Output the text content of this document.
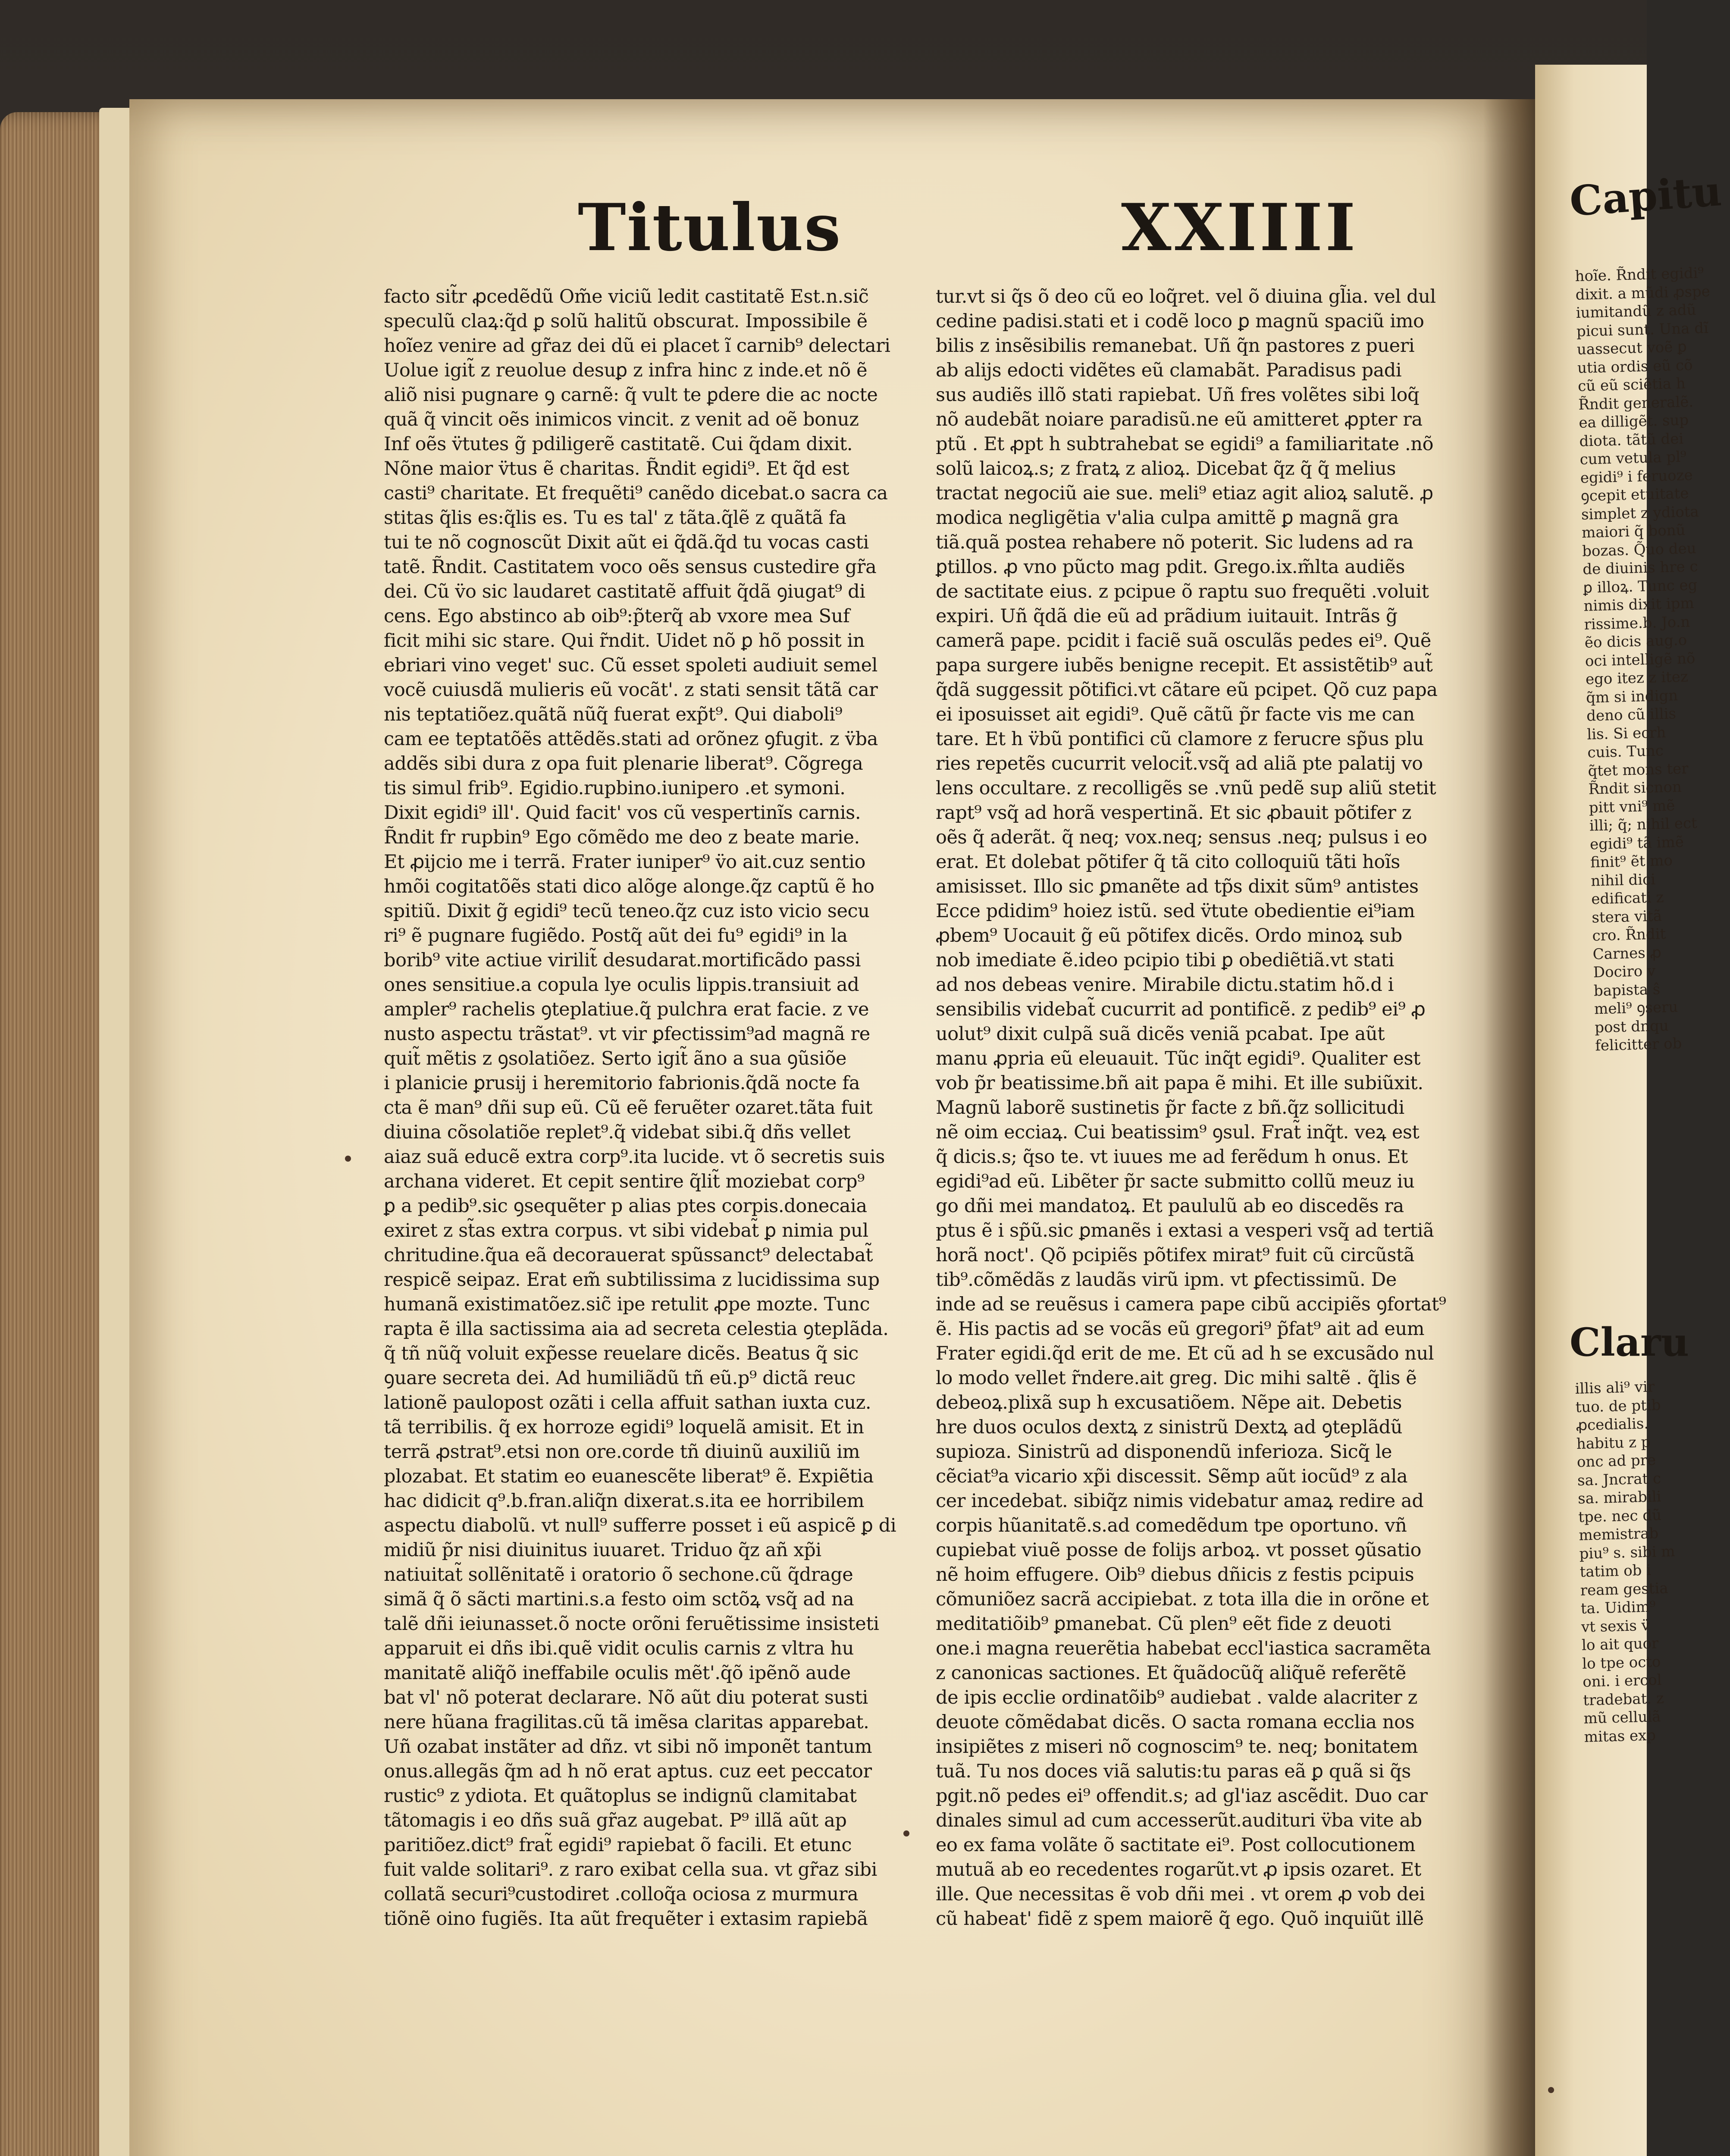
Titulus	XXIIII
facto sit̃r ꝓcedẽdũ Om̃e viciũ ledit castitatẽ Est.n.sic̃
speculũ claꝝ:q̃d ꝑ solũ halitũ obscurat. Impossibile ẽ
hoĩez venire ad gr̃az dei dũ ei placet ĩ carnib⁹ delectari
Uolue igit̃ z reuolue desuꝑ z infra hinc z inde.et nõ ẽ
aliõ nisi pugnare ꝯ carnẽ: q̃ vult te ꝑdere die ac nocte
quã q̃ vincit oẽs inimicos vincit. z venit ad oẽ bonuz
Inf oẽs v̈tutes g̃ pdiligerẽ castitatẽ. Cui q̃dam dixit.
Nõne maior v̈tus ẽ charitas. R̃ndit egidi⁹. Et q̃d est
casti⁹ charitate. Et frequẽti⁹ canẽdo dicebat.o sacra ca
stitas q̃lis es:q̃lis es. Tu es tal' z tãta.q̃lẽ z quãtã fa
tui te nõ cognoscũt Dixit aũt ei q̃dã.q̃d tu vocas casti
tatẽ. R̃ndit. Castitatem voco oẽs sensus custedire gr̃a
dei. Cũ v̈o sic laudaret castitatẽ affuit q̃dã ꝯiugat⁹ di
cens. Ego abstinco ab oib⁹:p̃terq̃ ab vxore mea Suf
ficit mihi sic stare. Qui r̃ndit. Uidet nõ ꝑ hõ possit in
ebriari vino veget' suc. Cũ esset spoleti audiuit semel
vocẽ cuiusdã mulieris eũ vocãt'. z stati sensit tãtã car
nis teptatiõez.quãtã nũq̃ fuerat exp̃t⁹. Qui diaboli⁹
cam ee teptatõẽs attẽdẽs.stati ad orõnez ꝯfugit. z v̈ba
addẽs sibi dura z opa fuit plenarie liberat⁹. Cõgrega
tis simul frib⁹. Egidio.rupbino.iunipero .et symoni.
Dixit egidi⁹ ill'. Quid facit' vos cũ vespertinĩs carnis.
R̃ndit fr rupbin⁹ Ego cõmẽdo me deo z beate marie.
Et ꝓijcio me i terrã. Frater iuniper⁹ v̈o ait.cuz sentio
hmõi cogitatõẽs stati dico alõge alonge.q̃z captũ ẽ ho
spitiũ. Dixit g̃ egidi⁹ tecũ teneo.q̃z cuz isto vicio secu
ri⁹ ẽ pugnare fugiẽdo. Postq̃ aũt dei fu⁹ egidi⁹ in la
borib⁹ vite actiue virilit̃ desudarat.mortificãdo passi
ones sensitiue.a copula lye oculis lippis.transiuit ad
ampler⁹ rachelis ꝯteplatiue.q̃ pulchra erat facie. z ve
nusto aspectu trãstat⁹. vt vir ꝑfectissim⁹ad magnã re
quit̃ mẽtis z ꝯsolatiõez. Serto igit̃ ãno a sua ꝯũsiõe
i planicie ꝑrusij i heremitorio fabrionis.q̃dã nocte fa
cta ẽ man⁹ dñi sup eũ. Cũ eẽ feruẽter ozaret.tãta fuit
diuina cõsolatiõe replet⁹.q̃ videbat sibi.q̃ dñs vellet
aiaz suã educẽ extra corp⁹.ita lucide. vt õ secretis suis
archana videret. Et cepit sentire q̃lit̃ moziebat corp⁹
ꝑ a pedib⁹.sic ꝯsequẽter p alias ptes corpis.donecaia
exiret z st̃as extra corpus. vt sibi videbat̃ ꝑ nimia pul
chritudine.q̃ua eã decorauerat spũssanct⁹ delectabat̃
respicẽ seipaz. Erat em̃ subtilissima z lucidissima sup
humanã existimatõez.sic̃ ipe retulit ꝓpe mozte. Tunc
rapta ẽ illa sactissima aia ad secreta celestia ꝯteplãda.
q̃ tñ nũq̃ voluit exp̃esse reuelare dicẽs. Beatus q̃ sic
ꝯuare secreta dei. Ad humiliãdũ tñ eũ.p⁹ dictã reuc
lationẽ paulopost ozãti i cella affuit sathan iuxta cuz.
tã terribilis. q̃ ex horroze egidi⁹ loquelã amisit. Et in
terrã ꝓstrat⁹.etsi non ore.corde tñ diuinũ auxiliũ im
plozabat. Et statim eo euanescẽte liberat⁹ ẽ. Expiẽtia
hac didicit q⁹.b.fran.aliq̃n dixerat.s.ita ee horribilem
aspectu diabolũ. vt null⁹ sufferre posset i eũ aspicẽ ꝑ di
midiũ p̃r nisi diuinitus iuuaret. Triduo q̃z añ xp̃i
natiuitat̃ sollẽnitatẽ i oratorio õ sechone.cũ q̃drage
simã q̃ õ sãcti martini.s.a festo oim sctõꝝ vsq̃ ad na
talẽ dñi ieiunasset.õ nocte orõni feruẽtissime insisteti
apparuit ei dñs ibi.quẽ vidit oculis carnis z vltra hu
manitatẽ aliq̃õ ineffabile oculis mẽt'.q̃õ ipẽnõ aude
bat vl' nõ poterat declarare. Nõ aũt diu poterat susti
nere hũana fragilitas.cũ tã imẽsa claritas apparebat.
Uñ ozabat instãter ad dñz. vt sibi nõ imponẽt tantum
onus.allegãs q̃m ad h nõ erat aptus. cuz eet peccator
rustic⁹ z ydiota. Et quãtoplus se indignũ clamitabat
tãtomagis i eo dñs suã gr̃az augebat. P⁹ illã aũt ap
paritiõez.dict⁹ frat̃ egidi⁹ rapiebat õ facili. Et etunc
fuit valde solitari⁹. z raro exibat cella sua. vt gr̃az sibi
collatã securi⁹custodiret .colloq̃a ociosa z murmura
tiõnẽ oino fugiẽs. Ita aũt frequẽter i extasim rapiebã
tur.vt si q̃s õ deo cũ eo loq̃ret. vel õ diuina gl̃ia. vel dul
cedine padisi.stati et i codẽ loco ꝑ magnũ spaciũ imo
bilis z insẽsibilis remanebat. Uñ q̃n pastores z pueri
ab alijs edocti vidẽtes eũ clamabãt. Paradisus padi
sus audiẽs illõ stati rapiebat. Uñ fres volẽtes sibi loq̃
nõ audebãt noiare paradisũ.ne eũ amitteret ꝓpter ra
ptũ . Et ꝓpt h subtrahebat se egidi⁹ a familiaritate .nõ
solũ laicoꝝ.s; z fratꝝ z alioꝝ. Dicebat q̃z q̃ q̃ melius
tractat negociũ aie sue. meli⁹ etiaz agit alioꝝ salutẽ. ꝓ
modica negligẽtia v'alia culpa amittẽ ꝑ magnã gra
tiã.quã postea rehabere nõ poterit. Sic ludens ad ra
ꝑtillos. ꝓ vno pũcto mag pdit. Grego.ix.m̃lta audiẽs
de sactitate eius. z pcipue õ raptu suo frequẽti .voluit
expiri. Uñ q̃dã die eũ ad prãdium iuitauit. Intrãs g̃
camerã pape. pcidit i faciẽ suã osculãs pedes ei⁹. Quẽ
papa surgere iubẽs benigne recepit. Et assistẽtib⁹ aut̃
q̃dã suggessit põtifici.vt cãtare eũ pcipet. Qõ cuz papa
ei iposuisset ait egidi⁹. Quẽ cãtũ p̃r facte vis me can
tare. Et h v̈bũ pontifici cũ clamore z ferucre sp̃us plu
ries repetẽs cucurrit velocit̃.vsq̃ ad aliã pte palatij vo
lens occultare. z recolligẽs se .vnũ pedẽ sup aliũ stetit
rapt⁹ vsq̃ ad horã vespertinã. Et sic ꝓbauit põtifer z
oẽs q̃ aderãt. q̃ neq; vox.neq; sensus .neq; pulsus i eo
erat. Et dolebat põtifer q̃ tã cito colloquiũ tãti hoĩs
amisisset. Illo sic ꝑmanẽte ad tp̃s dixit sũm⁹ antistes
Ecce pdidim⁹ hoiez istũ. sed v̈tute obedientie ei⁹iam
ꝓbem⁹ Uocauit g̃ eũ põtifex dicẽs. Ordo minoꝝ sub
nob imediate ẽ.ideo pcipio tibi ꝑ obediẽtiã.vt stati
ad nos debeas venire. Mirabile dictu.statim hõ.d i
sensibilis videbat̃ cucurrit ad pontificẽ. z pedib⁹ ei⁹ ꝓ
uolut⁹ dixit culpã suã dicẽs veniã pcabat. Ipe aũt
manu ꝓpria eũ eleuauit. Tũc inq̃t egidi⁹. Qualiter est
vob p̃r beatissime.bñ ait papa ẽ mihi. Et ille subiũxit.
Magnũ laborẽ sustinetis p̃r facte z bñ.q̃z sollicitudi
nẽ oim ecciaꝝ. Cui beatissim⁹ ꝯsul. Frat̃ inq̃t. veꝝ est
q̃ dicis.s; q̃so te. vt iuues me ad ferẽdum h onus. Et
egidi⁹ad eũ. Libẽter p̃r sacte submitto collũ meuz iu
go dñi mei mandatoꝝ. Et paululũ ab eo discedẽs ra
ptus ẽ i sp̃ũ.sic ꝑmanẽs i extasi a vesperi vsq̃ ad tertiã
horã noct'. Qõ pcipiẽs põtifex mirat⁹ fuit cũ circũstã
tib⁹.cõmẽdãs z laudãs virũ ipm. vt ꝑfectissimũ. De
inde ad se reuẽsus i camera pape cibũ accipiẽs ꝯfortat⁹
ẽ. His pactis ad se vocãs eũ gregori⁹ p̃fat⁹ ait ad eum
Frater egidi.q̃d erit de me. Et cũ ad h se excusãdo nul
lo modo vellet r̃ndere.ait greg. Dic mihi saltẽ . q̃lis ẽ
debeoꝝ.plixã sup h excusatiõem. Nẽpe ait. Debetis
hre duos oculos dextꝝ z sinistrũ Dextꝝ ad ꝯteplãdũ
supioza. Sinistrũ ad disponendũ inferioza. Sicq̃ le
cẽciat⁹a vicario xp̃i discessit. Sẽmp aũt iocũd⁹ z ala
cer incedebat. sibiq̃z nimis videbatur amaꝝ redire ad
corpis hũanitatẽ.s.ad comedẽdum tpe oportuno. vñ
cupiebat viuẽ posse de folijs arboꝝ. vt posset ꝯũsatio
nẽ hoim effugere. Oib⁹ diebus dñicis z festis pcipuis
cõmuniõez sacrã accipiebat. z tota illa die in orõne et
meditatiõib⁹ ꝑmanebat. Cũ plen⁹ eẽt fide z deuoti
one.i magna reuerẽtia habebat eccl'iastica sacramẽta
z canonicas sactiones. Et q̃uãdocũq̃ aliq̃uẽ referẽtẽ
de ipis ecclie ordinatõib⁹ audiebat . valde alacriter z
deuote cõmẽdabat dicẽs. O sacta romana ecclia nos
insipiẽtes z miseri nõ cognoscim⁹ te. neq; bonitatem
tuã. Tu nos doces viã salutis:tu paras eã ꝑ quã si q̃s
pgit.nõ pedes ei⁹ offendit.s; ad gl'iaz ascẽdit. Duo car
dinales simul ad cum accesserũt.audituri v̈ba vite ab
eo ex fama volãte õ sactitate ei⁹. Post collocutionem
mutuã ab eo recedentes rogarũt.vt ꝓ ipsis ozaret. Et
ille. Que necessitas ẽ vob dñi mei . vt orem ꝓ vob dei
cũ habeat' fidẽ z spem maiorẽ q̃ ego. Quõ inquiũt illẽ
Capitu
hoĩe. R̃ndit egidi⁹
dixit. a mũdi ꝓspe
iumitandũ z adũ
picui sunt. Una dĩ
uassecut voẽ ꝑ
utia ordis eũ cõ
cũ eũ sciẽtia h
R̃ndit generalẽ.
ea dilligẽt. sup
diota. tãtũ dei
cum vetula pl⁹
egidi⁹ i feruoze
ꝯcepit etuitate
simplet z ydiota
maiori q̃ bonũ
bozas. Q̃uo deu
de diuinis hre c
ꝑ illoꝝ. Tunc eg
nimis dixit ipm
rissime.b. Jo.n
ẽo dicis aug.o
oci intelligẽ nõ
ego itez z itez
q̃m si indign
deno cũ illis
lis. Si ecrh
cuis. Tunc
q̃tet mons ter
R̃ndit sicnon
pitt vni⁹ mẽ
illi; q̃; nihil ect
egidi⁹ tã imẽ
finit⁹ ẽt mo
nihil dici
edificati z
stera vitã
cro. R̃ndit
Carnes ꝓ
Dociro v
bapista ŝ
meli⁹ ꝯseru
post dnqu
felicitter ob
Claru
illis ali⁹ vir
tuo. de ptib
ꝓcedialis.
habitu z p
onc ad pre
sa. Jncrat c
sa. mirabili
tpe. nec dũ
memistrab
piu⁹ s. sibi m
tatim ob i
ream gestia
ta. Uidim⁹
vt sexis v̈
lo ait quor
lo tpe octo
oni. i ercol
tradebat. z
mũ cellulã
mitas exp
